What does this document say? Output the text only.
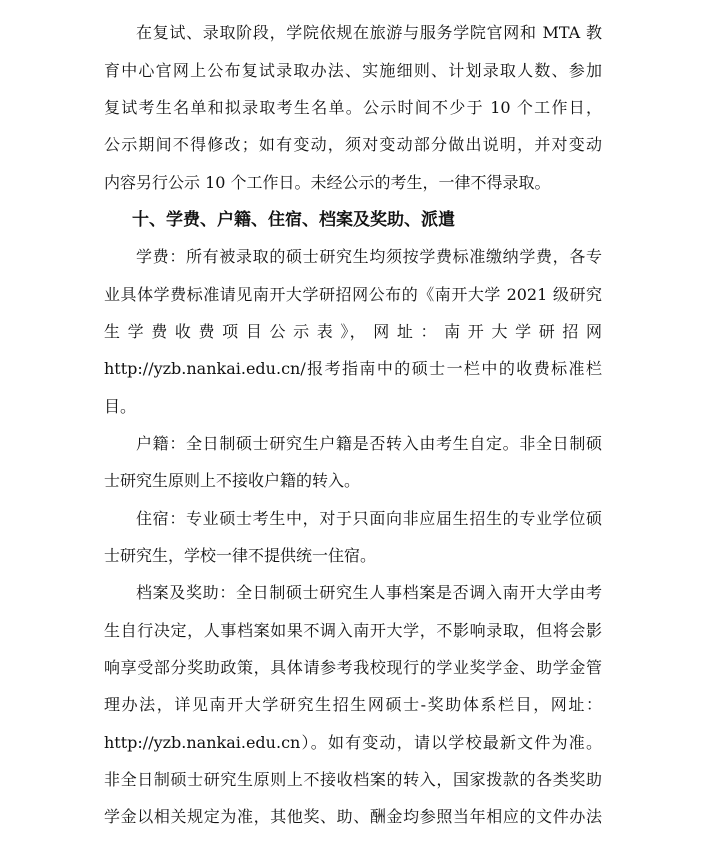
在复试、录取阶段，学院依规在旅游与服务学院官网和 MTA 教
育中心官网上公布复试录取办法、实施细则、计划录取人数、参加
复试考生名单和拟录取考生名单。公示时间不少于 10 个工作日，
公示期间不得修改；如有变动，须对变动部分做出说明，并对变动
内容另行公示 10 个工作日。未经公示的考生，一律不得录取。
十、学费、户籍、住宿、档案及奖助、派遣
学费：所有被录取的硕士研究生均须按学费标准缴纳学费，各专
业具体学费标准请见南开大学研招网公布的《南开大学 2021 级研究
生 学 费 收 费 项 目 公 示 表 》， 网 址 ： 南 开 大 学 研 招 网
http://yzb.nankai.edu.cn/报考指南中的硕士一栏中的收费标准栏
目。
户籍：全日制硕士研究生户籍是否转入由考生自定。非全日制硕
士研究生原则上不接收户籍的转入。
住宿：专业硕士考生中，对于只面向非应届生招生的专业学位硕
士研究生，学校一律不提供统一住宿。
档案及奖助：全日制硕士研究生人事档案是否调入南开大学由考
生自行决定，人事档案如果不调入南开大学，不影响录取，但将会影
响享受部分奖助政策，具体请参考我校现行的学业奖学金、助学金管
理办法，详见南开大学研究生招生网硕士-奖助体系栏目，网址：
http://yzb.nankai.edu.cn）。如有变动，请以学校最新文件为准。
非全日制硕士研究生原则上不接收档案的转入，国家拨款的各类奖助
学金以相关规定为准，其他奖、助、酬金均参照当年相应的文件办法
